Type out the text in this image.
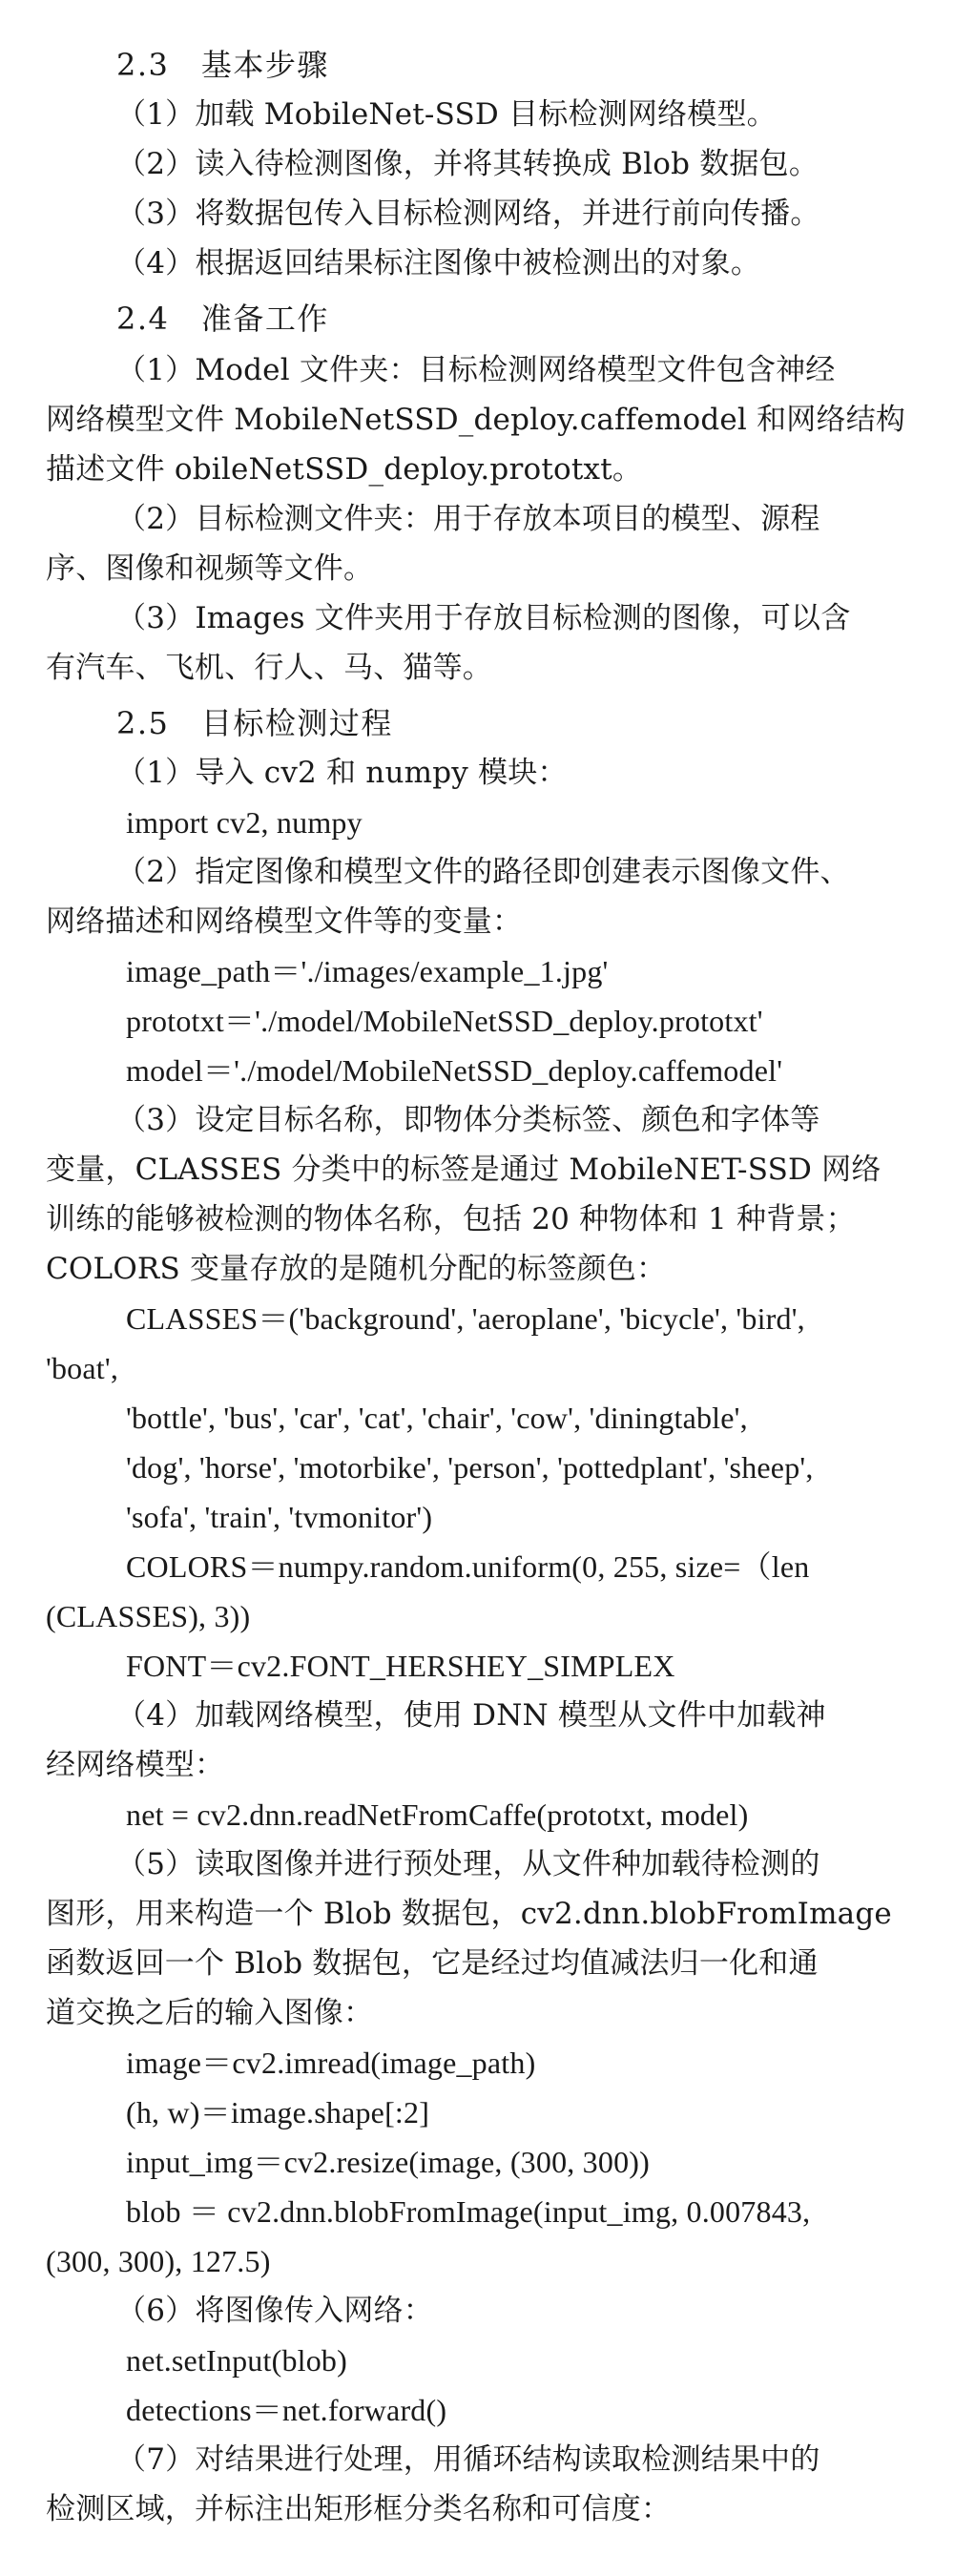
2.3　基本步骤
（1）加载 MobileNet-SSD 目标检测网络模型。
（2）读入待检测图像，并将其转换成 Blob 数据包。
（3）将数据包传入目标检测网络，并进行前向传播。
（4）根据返回结果标注图像中被检测出的对象。
2.4　准备工作
（1）Model 文件夹：目标检测网络模型文件包含神经
网络模型文件 MobileNetSSD_deploy.caffemodel 和网络结构
描述文件 obileNetSSD_deploy.prototxt。
（2）目标检测文件夹：用于存放本项目的模型、源程
序、图像和视频等文件。
（3）Images 文件夹用于存放目标检测的图像，可以含
有汽车、飞机、行人、马、猫等。
2.5　目标检测过程
（1）导入 cv2 和 numpy 模块：
import cv2, numpy
（2）指定图像和模型文件的路径即创建表示图像文件、
网络描述和网络模型文件等的变量：
image_path＝'./images/example_1.jpg'
prototxt＝'./model/MobileNetSSD_deploy.prototxt'
model＝'./model/MobileNetSSD_deploy.caffemodel'
（3）设定目标名称，即物体分类标签、颜色和字体等
变量，CLASSES 分类中的标签是通过 MobileNET-SSD 网络
训练的能够被检测的物体名称，包括 20 种物体和 1 种背景；
COLORS 变量存放的是随机分配的标签颜色：
CLASSES＝('background', 'aeroplane', 'bicycle', 'bird',
'boat',
'bottle', 'bus', 'car', 'cat', 'chair', 'cow', 'diningtable',
'dog', 'horse', 'motorbike', 'person', 'pottedplant', 'sheep',
'sofa', 'train', 'tvmonitor')
COLORS＝numpy.random.uniform(0, 255, size=（len
(CLASSES), 3))
FONT＝cv2.FONT_HERSHEY_SIMPLEX
（4）加载网络模型，使用 DNN 模型从文件中加载神
经网络模型：
net = cv2.dnn.readNetFromCaffe(prototxt, model)
（5）读取图像并进行预处理，从文件种加载待检测的
图形，用来构造一个 Blob 数据包，cv2.dnn.blobFromImage
函数返回一个 Blob 数据包，它是经过均值减法归一化和通
道交换之后的输入图像：
image＝cv2.imread(image_path)
(h, w)＝image.shape[:2]
input_img＝cv2.resize(image, (300, 300))
blob ＝ cv2.dnn.blobFromImage(input_img, 0.007843,
(300, 300), 127.5)
（6）将图像传入网络：
net.setInput(blob)
detections＝net.forward()
（7）对结果进行处理，用循环结构读取检测结果中的
检测区域，并标注出矩形框分类名称和可信度：
